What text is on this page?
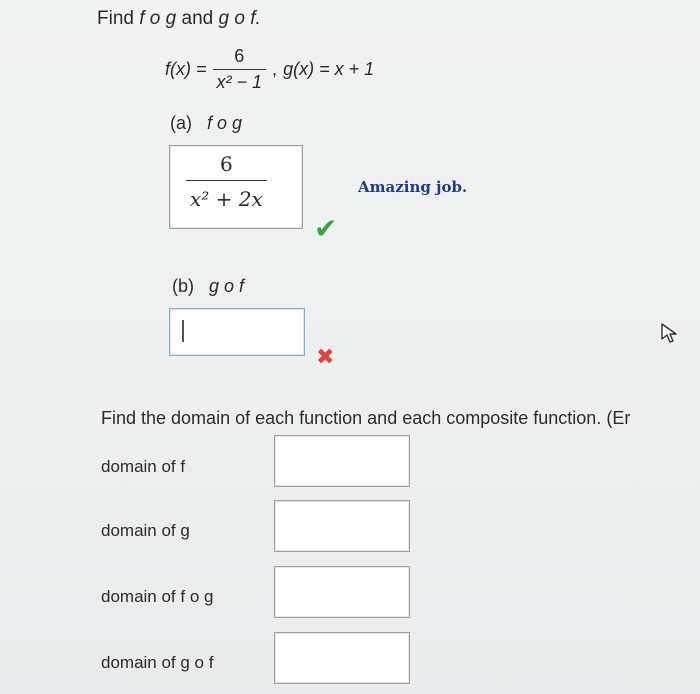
Find f o g and g o f.
$f(x) = \frac{6}{\text{x² − 1}}$ , g(x) = x + 1
(a) f o g
$\frac{6}{\text{x² + 2x}}$
✔
Amazing job.
(b) g o f
✖
Find the domain of each function and each composite function. (Er
domain of f
domain of g
domain of f o g
domain of g o f
